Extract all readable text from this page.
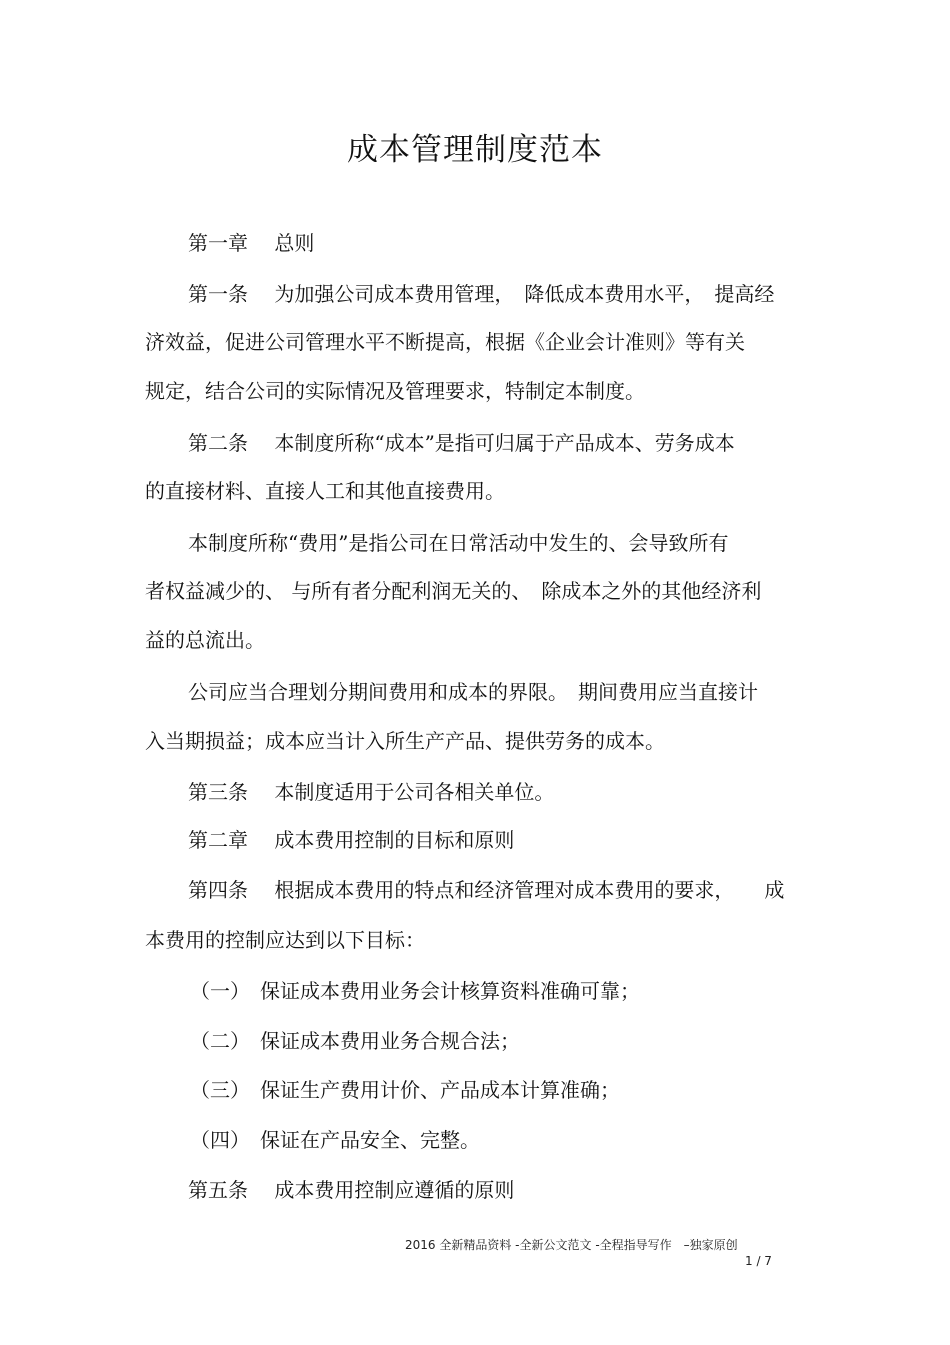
成本管理制度范本
第一章　 总则
第一条　 为加强公司成本费用管理，　降低成本费用水平，　提高经
济效益，促进公司管理水平不断提高，根据《企业会计准则》等有关
规定，结合公司的实际情况及管理要求，特制定本制度。
第二条　 本制度所称“成本”是指可归属于产品成本、劳务成本
的直接材料、直接人工和其他直接费用。
本制度所称“费用”是指公司在日常活动中发生的、会导致所有
者权益减少的、 与所有者分配利润无关的、　除成本之外的其他经济利
益的总流出。
公司应当合理划分期间费用和成本的界限。　期间费用应当直接计
入当期损益；成本应当计入所生产产品、提供劳务的成本。
第三条　 本制度适用于公司各相关单位。
第二章　 成本费用控制的目标和原则
第四条　 根据成本费用的特点和经济管理对成本费用的要求，　　成
本费用的控制应达到以下目标：
（一）　保证成本费用业务会计核算资料准确可靠；
（二）　保证成本费用业务合规合法；
（三）　保证生产费用计价、产品成本计算准确；
（四）　保证在产品安全、完整。
第五条　 成本费用控制应遵循的原则
2016 全新精品资料 -全新公文范文 -全程指导写作　–独家原创
1 / 7
